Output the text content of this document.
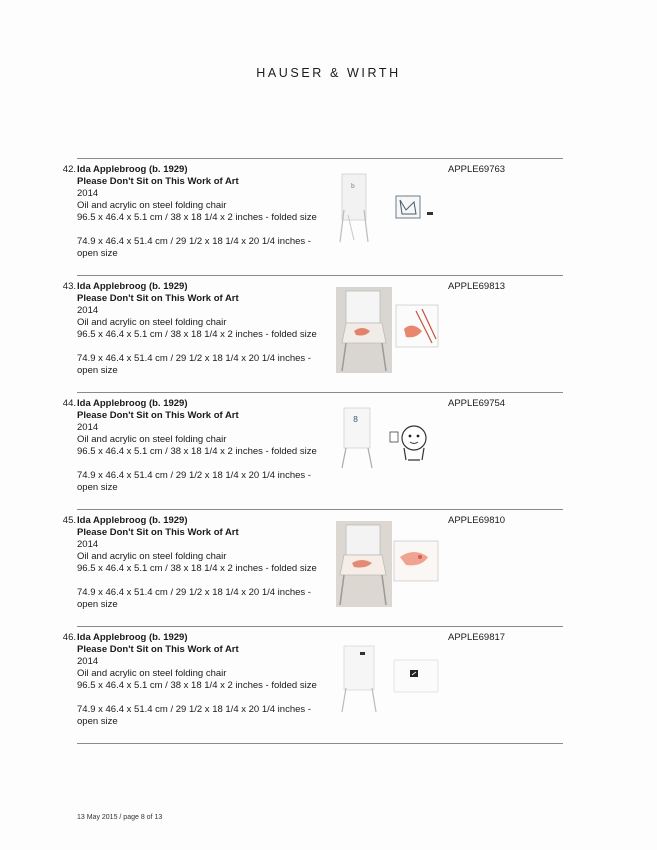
HAUSER & WIRTH
42. Ida Applebroog (b. 1929)
Please Don't Sit on This Work of Art
2014
Oil and acrylic on steel folding chair
96.5 x 46.4 x 5.1 cm / 38 x 18 1/4 x 2 inches - folded size
74.9 x 46.4 x 51.4 cm / 29 1/2 x 18 1/4 x 20 1/4 inches -
open size
b
APPLE69763
43. Ida Applebroog (b. 1929)
Please Don't Sit on This Work of Art
2014
Oil and acrylic on steel folding chair
96.5 x 46.4 x 5.1 cm / 38 x 18 1/4 x 2 inches - folded size
74.9 x 46.4 x 51.4 cm / 29 1/2 x 18 1/4 x 20 1/4 inches -
open size
APPLE69813
44. Ida Applebroog (b. 1929)
Please Don't Sit on This Work of Art
2014
Oil and acrylic on steel folding chair
96.5 x 46.4 x 5.1 cm / 38 x 18 1/4 x 2 inches - folded size
74.9 x 46.4 x 51.4 cm / 29 1/2 x 18 1/4 x 20 1/4 inches -
open size
8
APPLE69754
45. Ida Applebroog (b. 1929)
Please Don't Sit on This Work of Art
2014
Oil and acrylic on steel folding chair
96.5 x 46.4 x 5.1 cm / 38 x 18 1/4 x 2 inches - folded size
74.9 x 46.4 x 51.4 cm / 29 1/2 x 18 1/4 x 20 1/4 inches -
open size
APPLE69810
46. Ida Applebroog (b. 1929)
Please Don't Sit on This Work of Art
2014
Oil and acrylic on steel folding chair
96.5 x 46.4 x 5.1 cm / 38 x 18 1/4 x 2 inches - folded size
74.9 x 46.4 x 51.4 cm / 29 1/2 x 18 1/4 x 20 1/4 inches -
open size
APPLE69817
13 May 2015 / page 8 of 13
